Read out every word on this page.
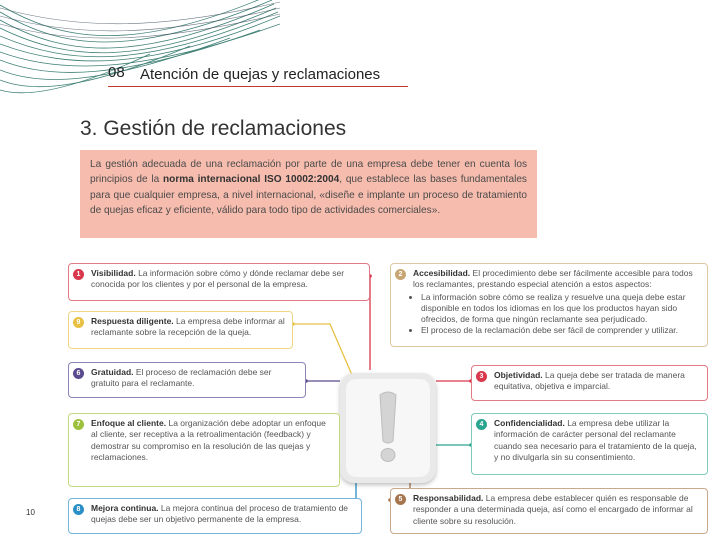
08 Atención de quejas y reclamaciones
3. Gestión de reclamaciones
La gestión adecuada de una reclamación por parte de una empresa debe tener en cuenta los principios de la norma internacional ISO 10002:2004, que establece las bases fundamentales para que cualquier empresa, a nivel internacional, «diseñe e implante un proceso de tratamiento de quejas eficaz y eficiente, válido para todo tipo de actividades comerciales».
1	Visibilidad. La información sobre cómo y dónde reclamar debe ser conocida por los clientes y por el personal de la empresa.
9	Respuesta diligente. La empresa debe informar al reclamante sobre la recepción de la queja.
6	Gratuidad. El proceso de reclamación debe ser gratuito para el reclamante.
7	Enfoque al cliente. La organización debe adoptar un enfoque al cliente, ser receptiva a la retroalimentación (feedback) y demostrar su compromiso en la resolución de las quejas y reclamaciones.
8	Mejora continua. La mejora continua del proceso de tratamiento de quejas debe ser un objetivo permanente de la empresa.
2	Accesibilidad. El procedimiento debe ser fácilmente accesible para todos los reclamantes, prestando especial atención a estos aspectos:
• La información sobre cómo se realiza y resuelve una queja debe estar disponible en todos los idiomas en los que los productos hayan sido ofrecidos, de forma que ningún reclamante sea perjudicado.
• El proceso de la reclamación debe ser fácil de comprender y utilizar.
3	Objetividad. La queja debe ser tratada de manera equitativa, objetiva e imparcial.
4	Confidencialidad. La empresa debe utilizar la información de carácter personal del reclamante cuando sea necesario para el tratamiento de la queja, y no divulgarla sin su consentimiento.
5	Responsabilidad. La empresa debe establecer quién es responsable de responder a una determinada queja, así como el encargado de informar al cliente sobre su resolución.
10
